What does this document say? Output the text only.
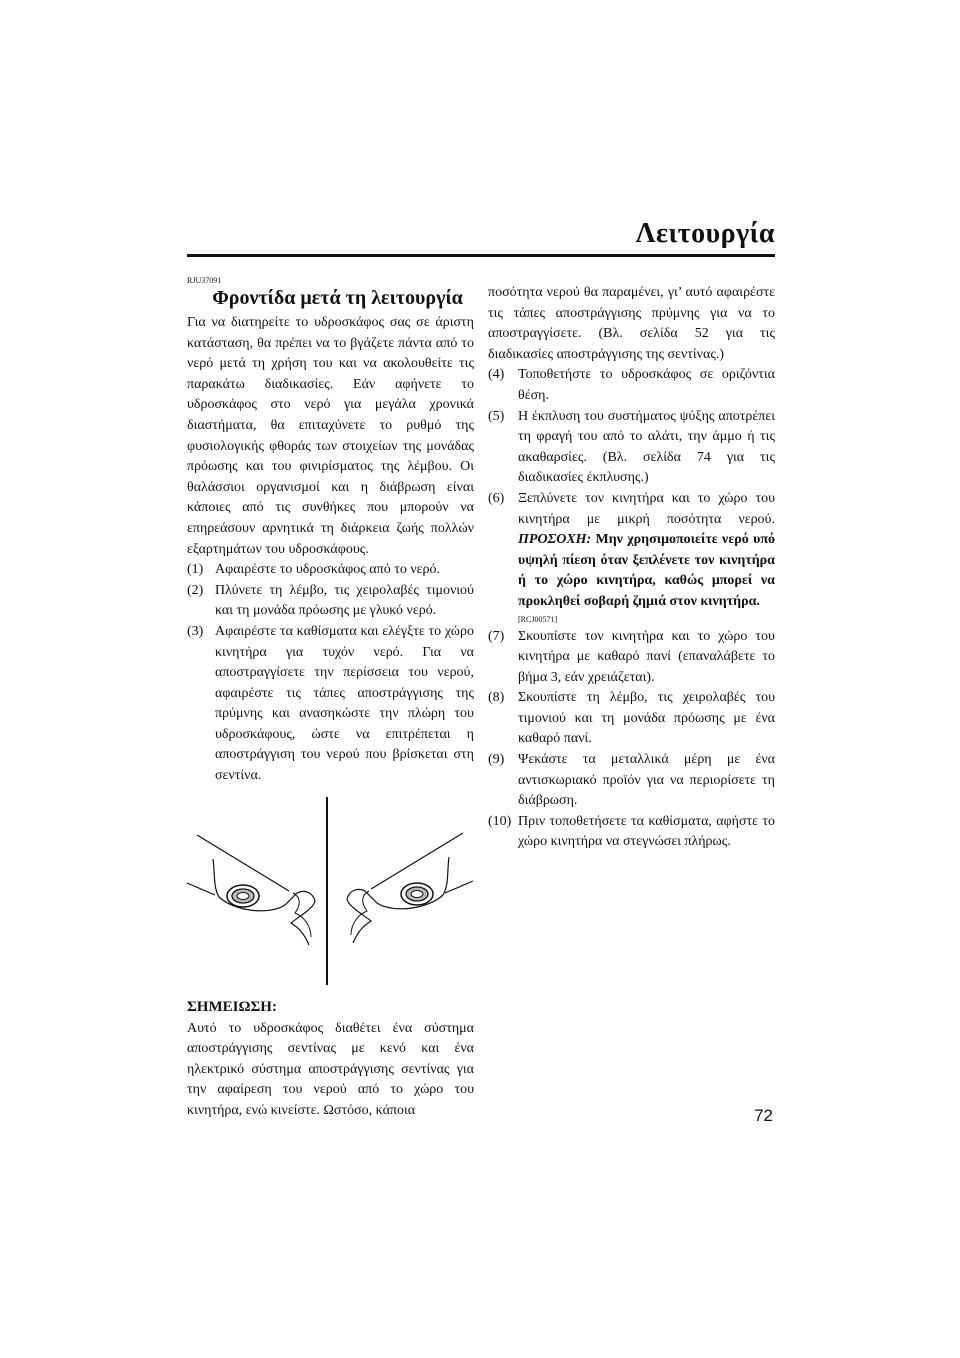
Λειτουργία

RJU37091

Φροντίδα μετά τη λειτουργία

Για να διατηρείτε το υδροσκάφος σας σε άριστη κατάσταση, θα πρέπει να το βγάζετε πάντα από το νερό μετά τη χρήση του και να ακολουθείτε τις παρακάτω διαδικασίες. Εάν αφήνετε το υδροσκάφος στο νερό για μεγάλα χρονικά διαστήματα, θα επιταχύνετε το ρυθμό της φυσιολογικής φθοράς των στοιχείων της μονάδας πρόωσης και του φινιρίσματος της λέμβου. Οι θαλάσσιοι οργανισμοί και η διάβρωση είναι κάποιες από τις συνθήκες που μπορούν να επηρεάσουν αρνητικά τη διάρκεια ζωής πολλών εξαρτημάτων του υδροσκάφους.

(1) Αφαιρέστε το υδροσκάφος από το νερό.
(2) Πλύνετε τη λέμβο, τις χειρολαβές τιμονιού και τη μονάδα πρόωσης με γλυκό νερό.
(3) Αφαιρέστε τα καθίσματα και ελέγξτε το χώρο κινητήρα για τυχόν νερό. Για να αποστραγγίσετε την περίσσεια του νερού, αφαιρέστε τις τάπες αποστράγγισης της πρύμνης και ανασηκώστε την πλώρη του υδροσκάφους, ώστε να επιτρέπεται η αποστράγγιση του νερού που βρίσκεται στη σεντίνα.
ΣΗΜΕΙΩΣΗ:

Αυτό το υδροσκάφος διαθέτει ένα σύστημα αποστράγγισης σεντίνας με κενό και ένα ηλεκτρικό σύστημα αποστράγγισης σεντίνας για την αφαίρεση του νερού από το χώρο του κινητήρα, ενώ κινείστε. Ωστόσο, κάποια

ποσότητα νερού θα παραμένει, γι’ αυτό αφαιρέστε τις τάπες αποστράγγισης πρύμνης για να το αποστραγγίσετε. (Βλ. σελίδα 52 για τις διαδικασίες αποστράγγισης της σεντίνας.)

(4) Τοποθετήστε το υδροσκάφος σε οριζόντια θέση.
(5) Η έκπλυση του συστήματος ψύξης αποτρέπει τη φραγή του από το αλάτι, την άμμο ή τις ακαθαρσίες. (Βλ. σελίδα 74 για τις διαδικασίες έκπλυσης.)
(6) Ξεπλύνετε τον κινητήρα και το χώρο του κινητήρα με μικρή ποσότητα νερού. ΠΡΟΣΟΧΗ: Μην χρησιμοποιείτε νερό υπό υψηλή πίεση όταν ξεπλένετε τον κινητήρα ή το χώρο κινητήρα, καθώς μπορεί να προκληθεί σοβαρή ζημιά στον κινητήρα.
[RCJ00571]
(7) Σκουπίστε τον κινητήρα και το χώρο του κινητήρα με καθαρό πανί (επαναλάβετε το βήμα 3, εάν χρειάζεται).
(8) Σκουπίστε τη λέμβο, τις χειρολαβές του τιμονιού και τη μονάδα πρόωσης με ένα καθαρό πανί.
(9) Ψεκάστε τα μεταλλικά μέρη με ένα αντισκωριακό προϊόν για να περιορίσετε τη διάβρωση.
(10) Πριν τοποθετήσετε τα καθίσματα, αφήστε το χώρο κινητήρα να στεγνώσει πλήρως.
72
